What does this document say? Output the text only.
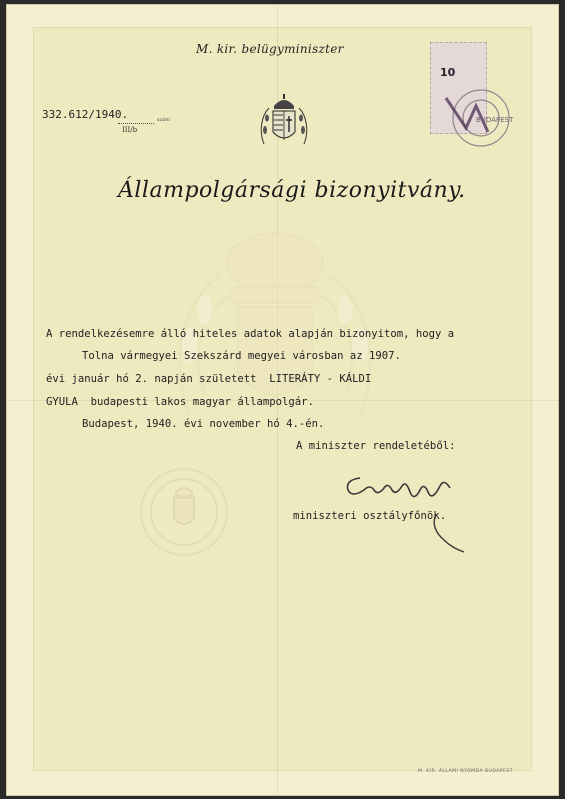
M. kir. belügyminiszter
332.612/1940.	szám
III/b
Állampolgársági bizonyitvány.
10
BUDAPEST
A rendelkezésemre álló hiteles adatok alapján bizonyitom, hogy a
Tolna vármegyei Szekszárd megyei városban az 1907.
évi január hó 2. napján született  LITERÁTY - KÁLDI
GYULA  budapesti lakos magyar állampolgár.
Budapest, 1940. évi november hó 4.-én.
A miniszter rendeletéből:
miniszteri osztályfőnök.
M. KIR. ÁLLAMI NYOMDA BUDAPEST
